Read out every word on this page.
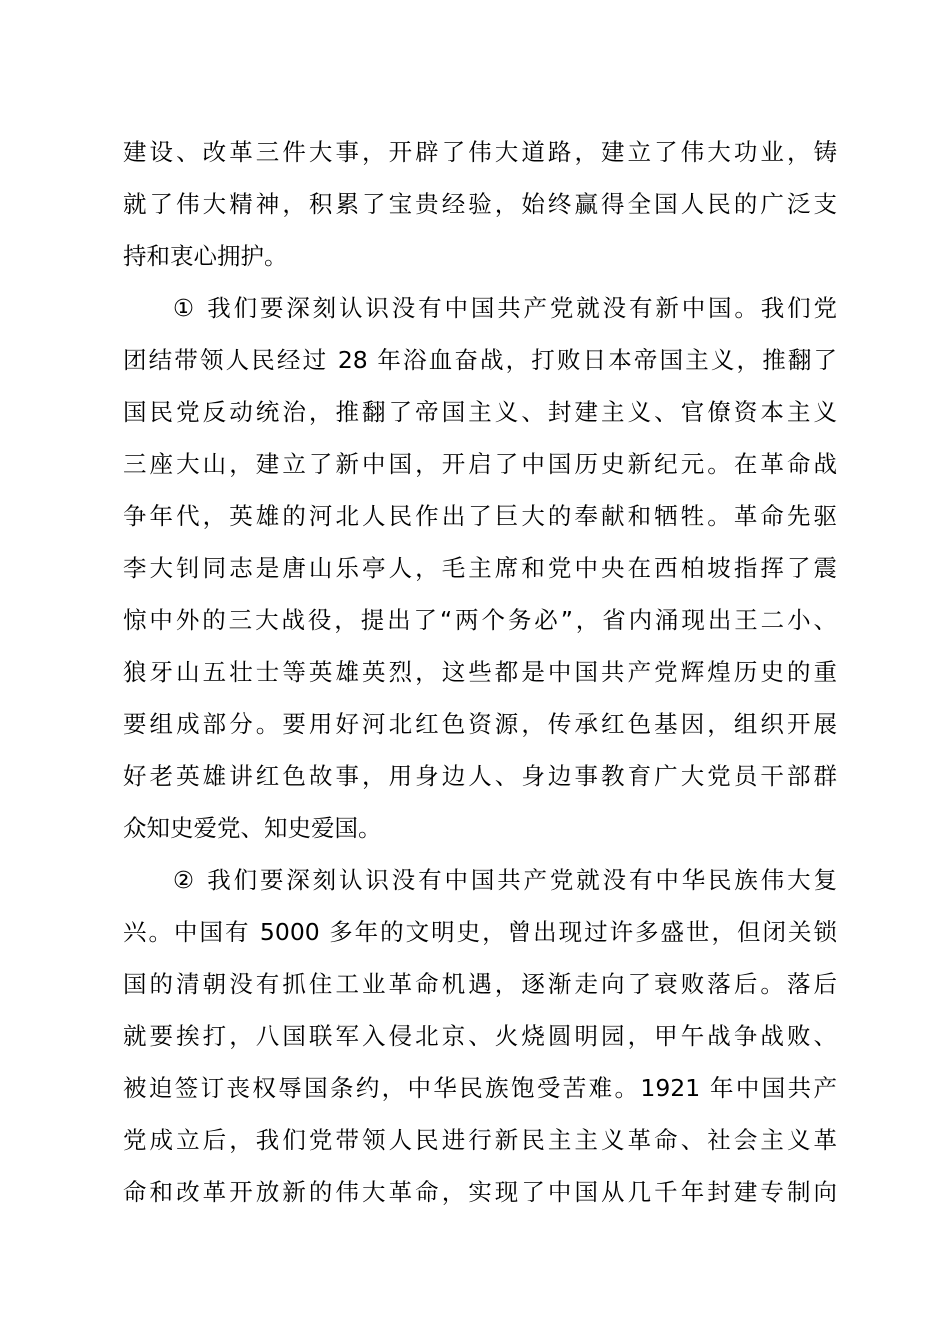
建设、改革三件大事，开辟了伟大道路，建立了伟大功业，铸
就了伟大精神，积累了宝贵经验，始终赢得全国人民的广泛支
持和衷心拥护。
① 我们要深刻认识没有中国共产党就没有新中国。我们党
团结带领人民经过 28 年浴血奋战，打败日本帝国主义，推翻了
国民党反动统治，推翻了帝国主义、封建主义、官僚资本主义
三座大山，建立了新中国，开启了中国历史新纪元。在革命战
争年代，英雄的河北人民作出了巨大的奉献和牺牲。革命先驱
李大钊同志是唐山乐亭人，毛主席和党中央在西柏坡指挥了震
惊中外的三大战役，提出了“两个务必”，省内涌现出王二小、
狼牙山五壮士等英雄英烈，这些都是中国共产党辉煌历史的重
要组成部分。要用好河北红色资源，传承红色基因，组织开展
好老英雄讲红色故事，用身边人、身边事教育广大党员干部群
众知史爱党、知史爱国。
② 我们要深刻认识没有中国共产党就没有中华民族伟大复
兴。中国有 5000 多年的文明史，曾出现过许多盛世，但闭关锁
国的清朝没有抓住工业革命机遇，逐渐走向了衰败落后。落后
就要挨打，八国联军入侵北京、火烧圆明园，甲午战争战败、
被迫签订丧权辱国条约，中华民族饱受苦难。1921 年中国共产
党成立后，我们党带领人民进行新民主主义革命、社会主义革
命和改革开放新的伟大革命，实现了中国从几千年封建专制向
